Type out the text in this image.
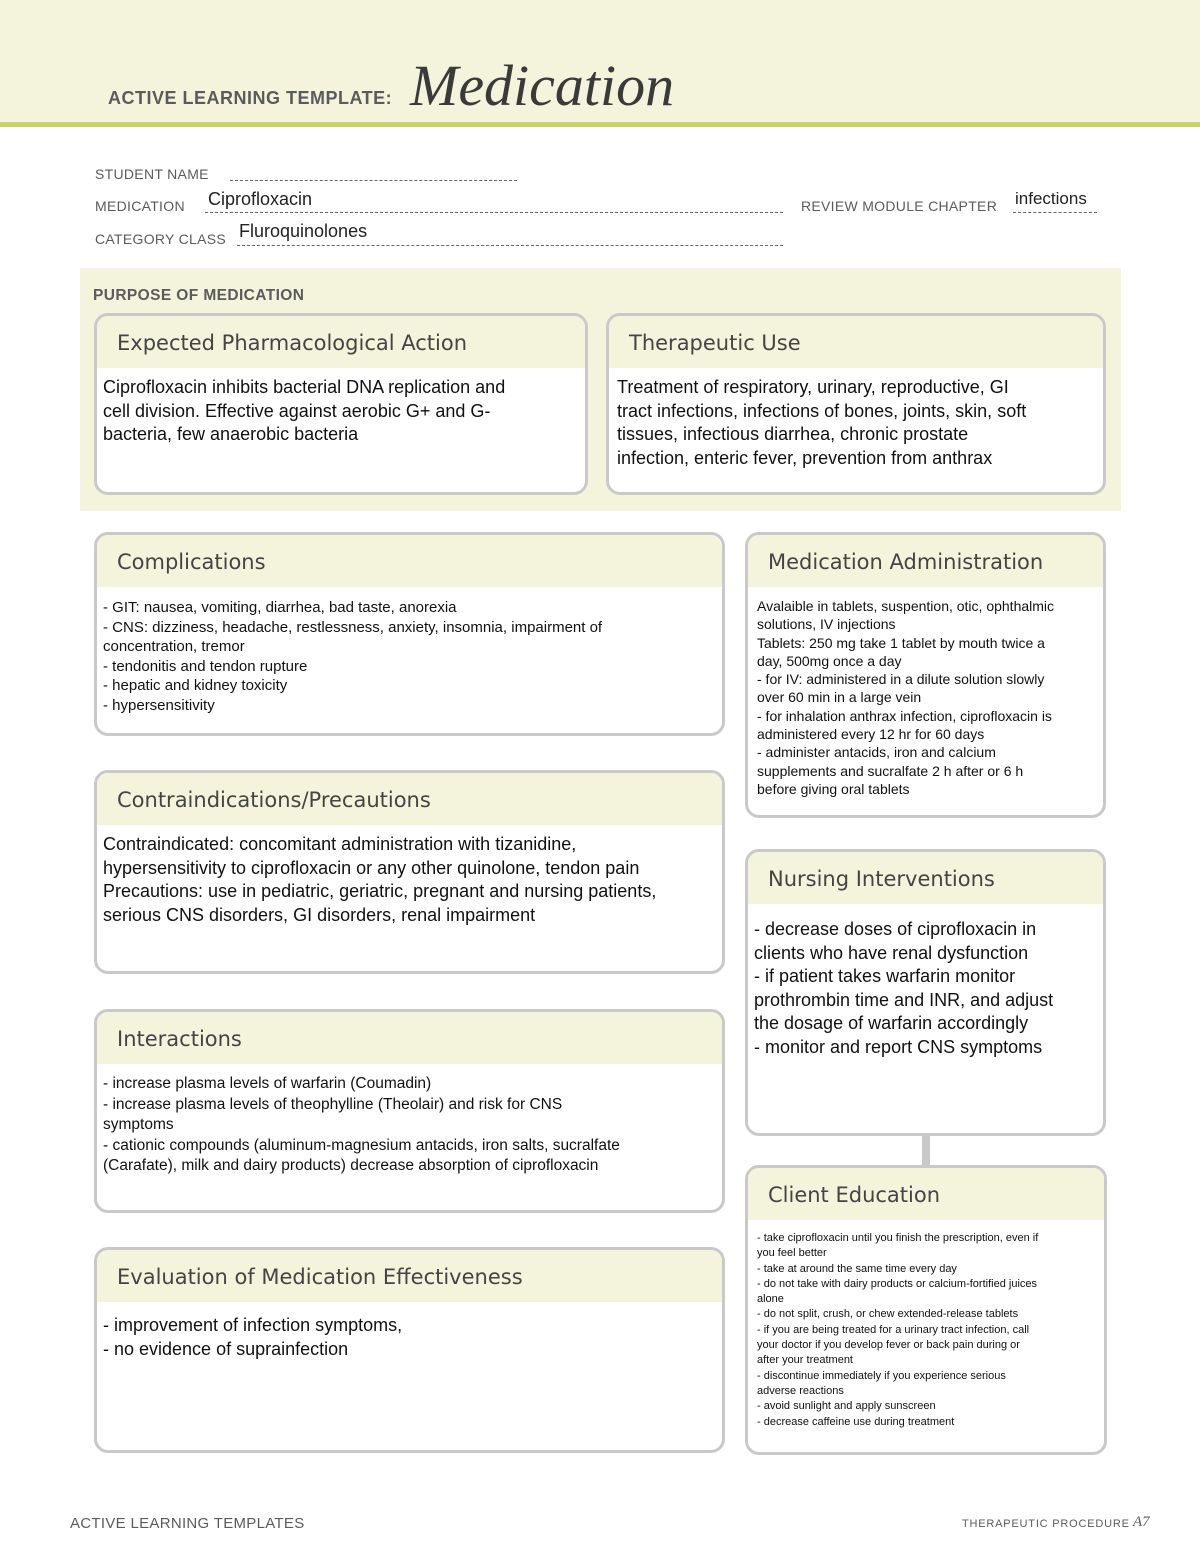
ACTIVE LEARNING TEMPLATE: Medication
STUDENT NAME
MEDICATION Ciprofloxacin	REVIEW MODULE CHAPTER infections
CATEGORY CLASS Fluroquinolones
PURPOSE OF MEDICATION
Expected Pharmacological Action
Ciprofloxacin inhibits bacterial DNA replication and
cell division. Effective against aerobic G+ and G-
bacteria, few anaerobic bacteria
Therapeutic Use
Treatment of respiratory, urinary, reproductive, GI
tract infections, infections of bones, joints, skin, soft
tissues, infectious diarrhea, chronic prostate
infection, enteric fever, prevention from anthrax
Complications
- GIT: nausea, vomiting, diarrhea, bad taste, anorexia
- CNS: dizziness, headache, restlessness, anxiety, insomnia, impairment of
concentration, tremor
- tendonitis and tendon rupture
- hepatic and kidney toxicity
- hypersensitivity
Medication Administration
Avalaible in tablets, suspention, otic, ophthalmic
solutions, IV injections
Tablets: 250 mg take 1 tablet by mouth twice a
day, 500mg once a day
- for IV: administered in a dilute solution slowly
over 60 min in a large vein
- for inhalation anthrax infection, ciprofloxacin is
administered every 12 hr for 60 days
- administer antacids, iron and calcium
supplements and sucralfate 2 h after or 6 h
before giving oral tablets
Contraindications/Precautions
Contraindicated: concomitant administration with tizanidine,
hypersensitivity to ciprofloxacin or any other quinolone, tendon pain
Precautions: use in pediatric, geriatric, pregnant and nursing patients,
serious CNS disorders, GI disorders, renal impairment
Nursing Interventions
- decrease doses of ciprofloxacin in
clients who have renal dysfunction
- if patient takes warfarin monitor
prothrombin time and INR, and adjust
the dosage of warfarin accordingly
- monitor and report CNS symptoms
Interactions
- increase plasma levels of warfarin (Coumadin)
- increase plasma levels of theophylline (Theolair) and risk for CNS
symptoms
- cationic compounds (aluminum-magnesium antacids, iron salts, sucralfate
(Carafate), milk and dairy products) decrease absorption of ciprofloxacin
Client Education
- take ciprofloxacin until you finish the prescription, even if
you feel better
- take at around the same time every day
- do not take with dairy products or calcium-fortified juices
alone
- do not split, crush, or chew extended-release tablets
- if you are being treated for a urinary tract infection, call
your doctor if you develop fever or back pain during or
after your treatment
- discontinue immediately if you experience serious
adverse reactions
- avoid sunlight and apply sunscreen
- decrease caffeine use during treatment
Evaluation of Medication Effectiveness
- improvement of infection symptoms,
- no evidence of suprainfection
ACTIVE LEARNING TEMPLATES	THERAPEUTIC PROCEDURE A7
